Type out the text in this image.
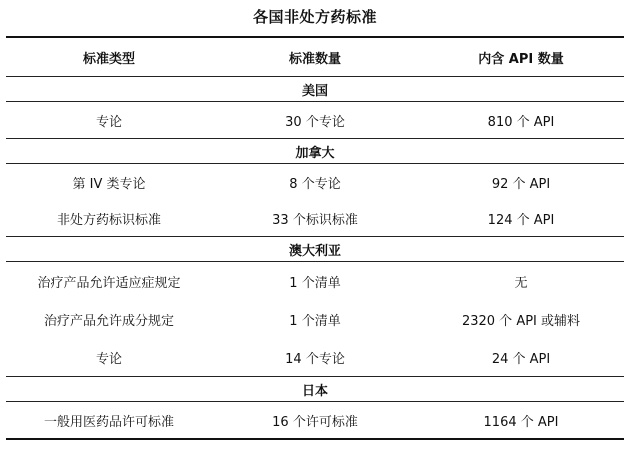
各国非处方药标准
标准类型	标准数量	内含 API 数量
美国		
专论	30 个专论	810 个 API
加拿大		
第 IV 类专论	8 个专论	92 个 API
非处方药标识标准	33 个标识标准	124 个 API
澳大利亚		
治疗产品允许适应症规定	1 个清单	无
治疗产品允许成分规定	1 个清单	2320 个 API 或辅料
专论	14 个专论	24 个 API
日本		
一般用医药品许可标准	16 个许可标准	1164 个 API
